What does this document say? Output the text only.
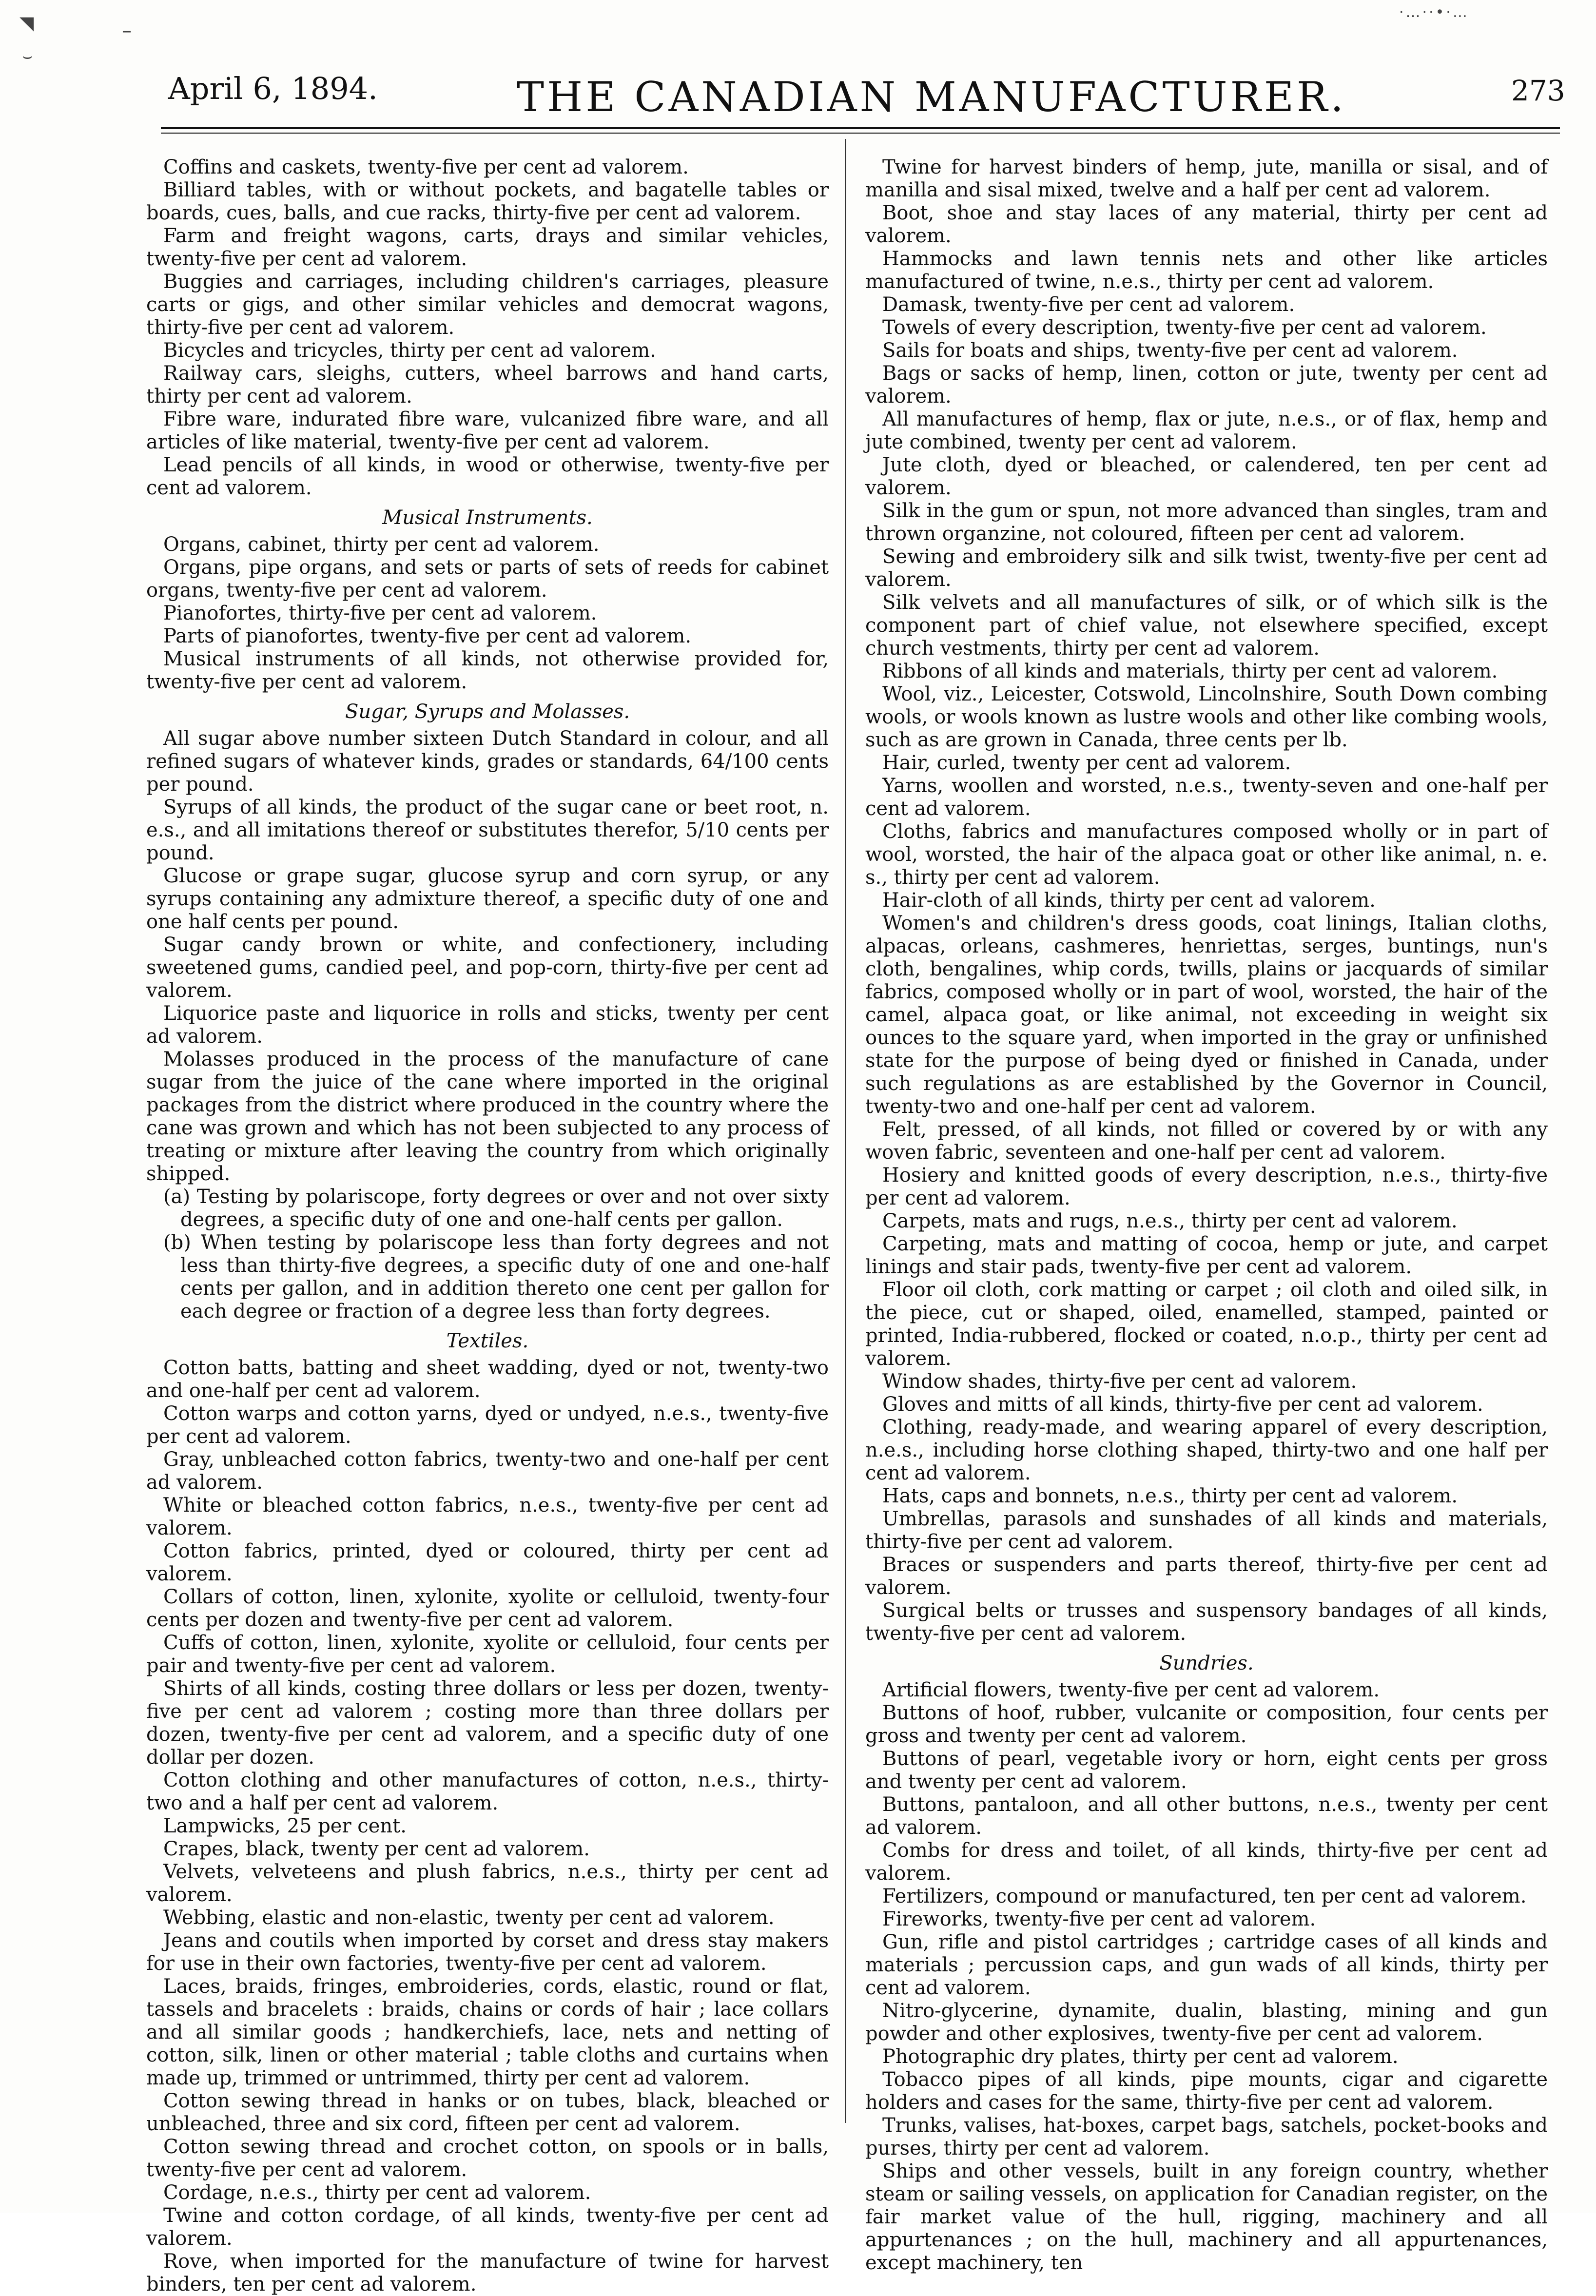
◥
⌣
–
·…··•·…
April 6, 1894.	THE CANADIAN MANUFACTURER.	273

Coffins and caskets, twenty-five per cent ad valorem.

Billiard tables, with or without pockets, and bagatelle tables or boards, cues, balls, and cue racks, thirty-five per cent ad valorem.

Farm and freight wagons, carts, drays and similar vehicles, twenty-five per cent ad valorem.

Buggies and carriages, including children's carriages, pleasure carts or gigs, and other similar vehicles and democrat wagons, thirty-five per cent ad valorem.

Bicycles and tricycles, thirty per cent ad valorem.

Railway cars, sleighs, cutters, wheel barrows and hand carts, thirty per cent ad valorem.

Fibre ware, indurated fibre ware, vulcanized fibre ware, and all articles of like material, twenty-five per cent ad valorem.

Lead pencils of all kinds, in wood or otherwise, twenty-five per cent ad valorem.

Musical Instruments.

Organs, cabinet, thirty per cent ad valorem.

Organs, pipe organs, and sets or parts of sets of reeds for cabinet organs, twenty-five per cent ad valorem.

Pianofortes, thirty-five per cent ad valorem.

Parts of pianofortes, twenty-five per cent ad valorem.

Musical instruments of all kinds, not otherwise provided for, twenty-five per cent ad valorem.

Sugar, Syrups and Molasses.

All sugar above number sixteen Dutch Standard in colour, and all refined sugars of whatever kinds, grades or standards, 64/100 cents per pound.

Syrups of all kinds, the product of the sugar cane or beet root, n. e.s., and all imitations thereof or substitutes therefor, 5/10 cents per pound.

Glucose or grape sugar, glucose syrup and corn syrup, or any syrups containing any admixture thereof, a specific duty of one and one half cents per pound.

Sugar candy brown or white, and confectionery, including sweetened gums, candied peel, and pop-corn, thirty-five per cent ad valorem.

Liquorice paste and liquorice in rolls and sticks, twenty per cent ad valorem.

Molasses produced in the process of the manufacture of cane sugar from the juice of the cane where imported in the original packages from the district where produced in the country where the cane was grown and which has not been subjected to any process of treating or mixture after leaving the country from which originally shipped.

(a) Testing by polariscope, forty degrees or over and not over sixty degrees, a specific duty of one and one-half cents per gallon.

(b) When testing by polariscope less than forty degrees and not less than thirty-five degrees, a specific duty of one and one-half cents per gallon, and in addition thereto one cent per gallon for each degree or fraction of a degree less than forty degrees.

Textiles.

Cotton batts, batting and sheet wadding, dyed or not, twenty-two and one-half per cent ad valorem.

Cotton warps and cotton yarns, dyed or undyed, n.e.s., twenty-five per cent ad valorem.

Gray, unbleached cotton fabrics, twenty-two and one-half per cent ad valorem.

White or bleached cotton fabrics, n.e.s., twenty-five per cent ad valorem.

Cotton fabrics, printed, dyed or coloured, thirty per cent ad valorem.

Collars of cotton, linen, xylonite, xyolite or celluloid, twenty-four cents per dozen and twenty-five per cent ad valorem.

Cuffs of cotton, linen, xylonite, xyolite or celluloid, four cents per pair and twenty-five per cent ad valorem.

Shirts of all kinds, costing three dollars or less per dozen, twenty-five per cent ad valorem ; costing more than three dollars per dozen, twenty-five per cent ad valorem, and a specific duty of one dollar per dozen.

Cotton clothing and other manufactures of cotton, n.e.s., thirty-two and a half per cent ad valorem.

Lampwicks, 25 per cent.

Crapes, black, twenty per cent ad valorem.

Velvets, velveteens and plush fabrics, n.e.s., thirty per cent ad valorem.

Webbing, elastic and non-elastic, twenty per cent ad valorem.

Jeans and coutils when imported by corset and dress stay makers for use in their own factories, twenty-five per cent ad valorem.

Laces, braids, fringes, embroideries, cords, elastic, round or flat, tassels and bracelets : braids, chains or cords of hair ; lace collars and all similar goods ; handkerchiefs, lace, nets and netting of cotton, silk, linen or other material ; table cloths and curtains when made up, trimmed or untrimmed, thirty per cent ad valorem.

Cotton sewing thread in hanks or on tubes, black, bleached or unbleached, three and six cord, fifteen per cent ad valorem.

Cotton sewing thread and crochet cotton, on spools or in balls, twenty-five per cent ad valorem.

Cordage, n.e.s., thirty per cent ad valorem.

Twine and cotton cordage, of all kinds, twenty-five per cent ad valorem.

Rove, when imported for the manufacture of twine for harvest binders, ten per cent ad valorem.

Twine for harvest binders of hemp, jute, manilla or sisal, and of manilla and sisal mixed, twelve and a half per cent ad valorem.

Boot, shoe and stay laces of any material, thirty per cent ad valorem.

Hammocks and lawn tennis nets and other like articles manufactured of twine, n.e.s., thirty per cent ad valorem.

Damask, twenty-five per cent ad valorem.

Towels of every description, twenty-five per cent ad valorem.

Sails for boats and ships, twenty-five per cent ad valorem.

Bags or sacks of hemp, linen, cotton or jute, twenty per cent ad valorem.

All manufactures of hemp, flax or jute, n.e.s., or of flax, hemp and jute combined, twenty per cent ad valorem.

Jute cloth, dyed or bleached, or calendered, ten per cent ad valorem.

Silk in the gum or spun, not more advanced than singles, tram and thrown organzine, not coloured, fifteen per cent ad valorem.

Sewing and embroidery silk and silk twist, twenty-five per cent ad valorem.

Silk velvets and all manufactures of silk, or of which silk is the component part of chief value, not elsewhere specified, except church vestments, thirty per cent ad valorem.

Ribbons of all kinds and materials, thirty per cent ad valorem.

Wool, viz., Leicester, Cotswold, Lincolnshire, South Down combing wools, or wools known as lustre wools and other like combing wools, such as are grown in Canada, three cents per lb.

Hair, curled, twenty per cent ad valorem.

Yarns, woollen and worsted, n.e.s., twenty-seven and one-half per cent ad valorem.

Cloths, fabrics and manufactures composed wholly or in part of wool, worsted, the hair of the alpaca goat or other like animal, n. e. s., thirty per cent ad valorem.

Hair-cloth of all kinds, thirty per cent ad valorem.

Women's and children's dress goods, coat linings, Italian cloths, alpacas, orleans, cashmeres, henriettas, serges, buntings, nun's cloth, bengalines, whip cords, twills, plains or jacquards of similar fabrics, composed wholly or in part of wool, worsted, the hair of the camel, alpaca goat, or like animal, not exceeding in weight six ounces to the square yard, when imported in the gray or unfinished state for the purpose of being dyed or finished in Canada, under such regulations as are established by the Governor in Council, twenty-two and one-half per cent ad valorem.

Felt, pressed, of all kinds, not filled or covered by or with any woven fabric, seventeen and one-half per cent ad valorem.

Hosiery and knitted goods of every description, n.e.s., thirty-five per cent ad valorem.

Carpets, mats and rugs, n.e.s., thirty per cent ad valorem.

Carpeting, mats and matting of cocoa, hemp or jute, and carpet linings and stair pads, twenty-five per cent ad valorem.

Floor oil cloth, cork matting or carpet ; oil cloth and oiled silk, in the piece, cut or shaped, oiled, enamelled, stamped, painted or printed, India-rubbered, flocked or coated, n.o.p., thirty per cent ad valorem.

Window shades, thirty-five per cent ad valorem.

Gloves and mitts of all kinds, thirty-five per cent ad valorem.

Clothing, ready-made, and wearing apparel of every description, n.e.s., including horse clothing shaped, thirty-two and one half per cent ad valorem.

Hats, caps and bonnets, n.e.s., thirty per cent ad valorem.

Umbrellas, parasols and sunshades of all kinds and materials, thirty-five per cent ad valorem.

Braces or suspenders and parts thereof, thirty-five per cent ad valorem.

Surgical belts or trusses and suspensory bandages of all kinds, twenty-five per cent ad valorem.

Sundries.

Artificial flowers, twenty-five per cent ad valorem.

Buttons of hoof, rubber, vulcanite or composition, four cents per gross and twenty per cent ad valorem.

Buttons of pearl, vegetable ivory or horn, eight cents per gross and twenty per cent ad valorem.

Buttons, pantaloon, and all other buttons, n.e.s., twenty per cent ad valorem.

Combs for dress and toilet, of all kinds, thirty-five per cent ad valorem.

Fertilizers, compound or manufactured, ten per cent ad valorem.

Fireworks, twenty-five per cent ad valorem.

Gun, rifle and pistol cartridges ; cartridge cases of all kinds and materials ; percussion caps, and gun wads of all kinds, thirty per cent ad valorem.

Nitro-glycerine, dynamite, dualin, blasting, mining and gun powder and other explosives, twenty-five per cent ad valorem.

Photographic dry plates, thirty per cent ad valorem.

Tobacco pipes of all kinds, pipe mounts, cigar and cigarette holders and cases for the same, thirty-five per cent ad valorem.

Trunks, valises, hat-boxes, carpet bags, satchels, pocket-books and purses, thirty per cent ad valorem.

Ships and other vessels, built in any foreign country, whether steam or sailing vessels, on application for Canadian register, on the fair market value of the hull, rigging, machinery and all appurtenances ; on the hull, machinery and all appurtenances, except machinery, ten
